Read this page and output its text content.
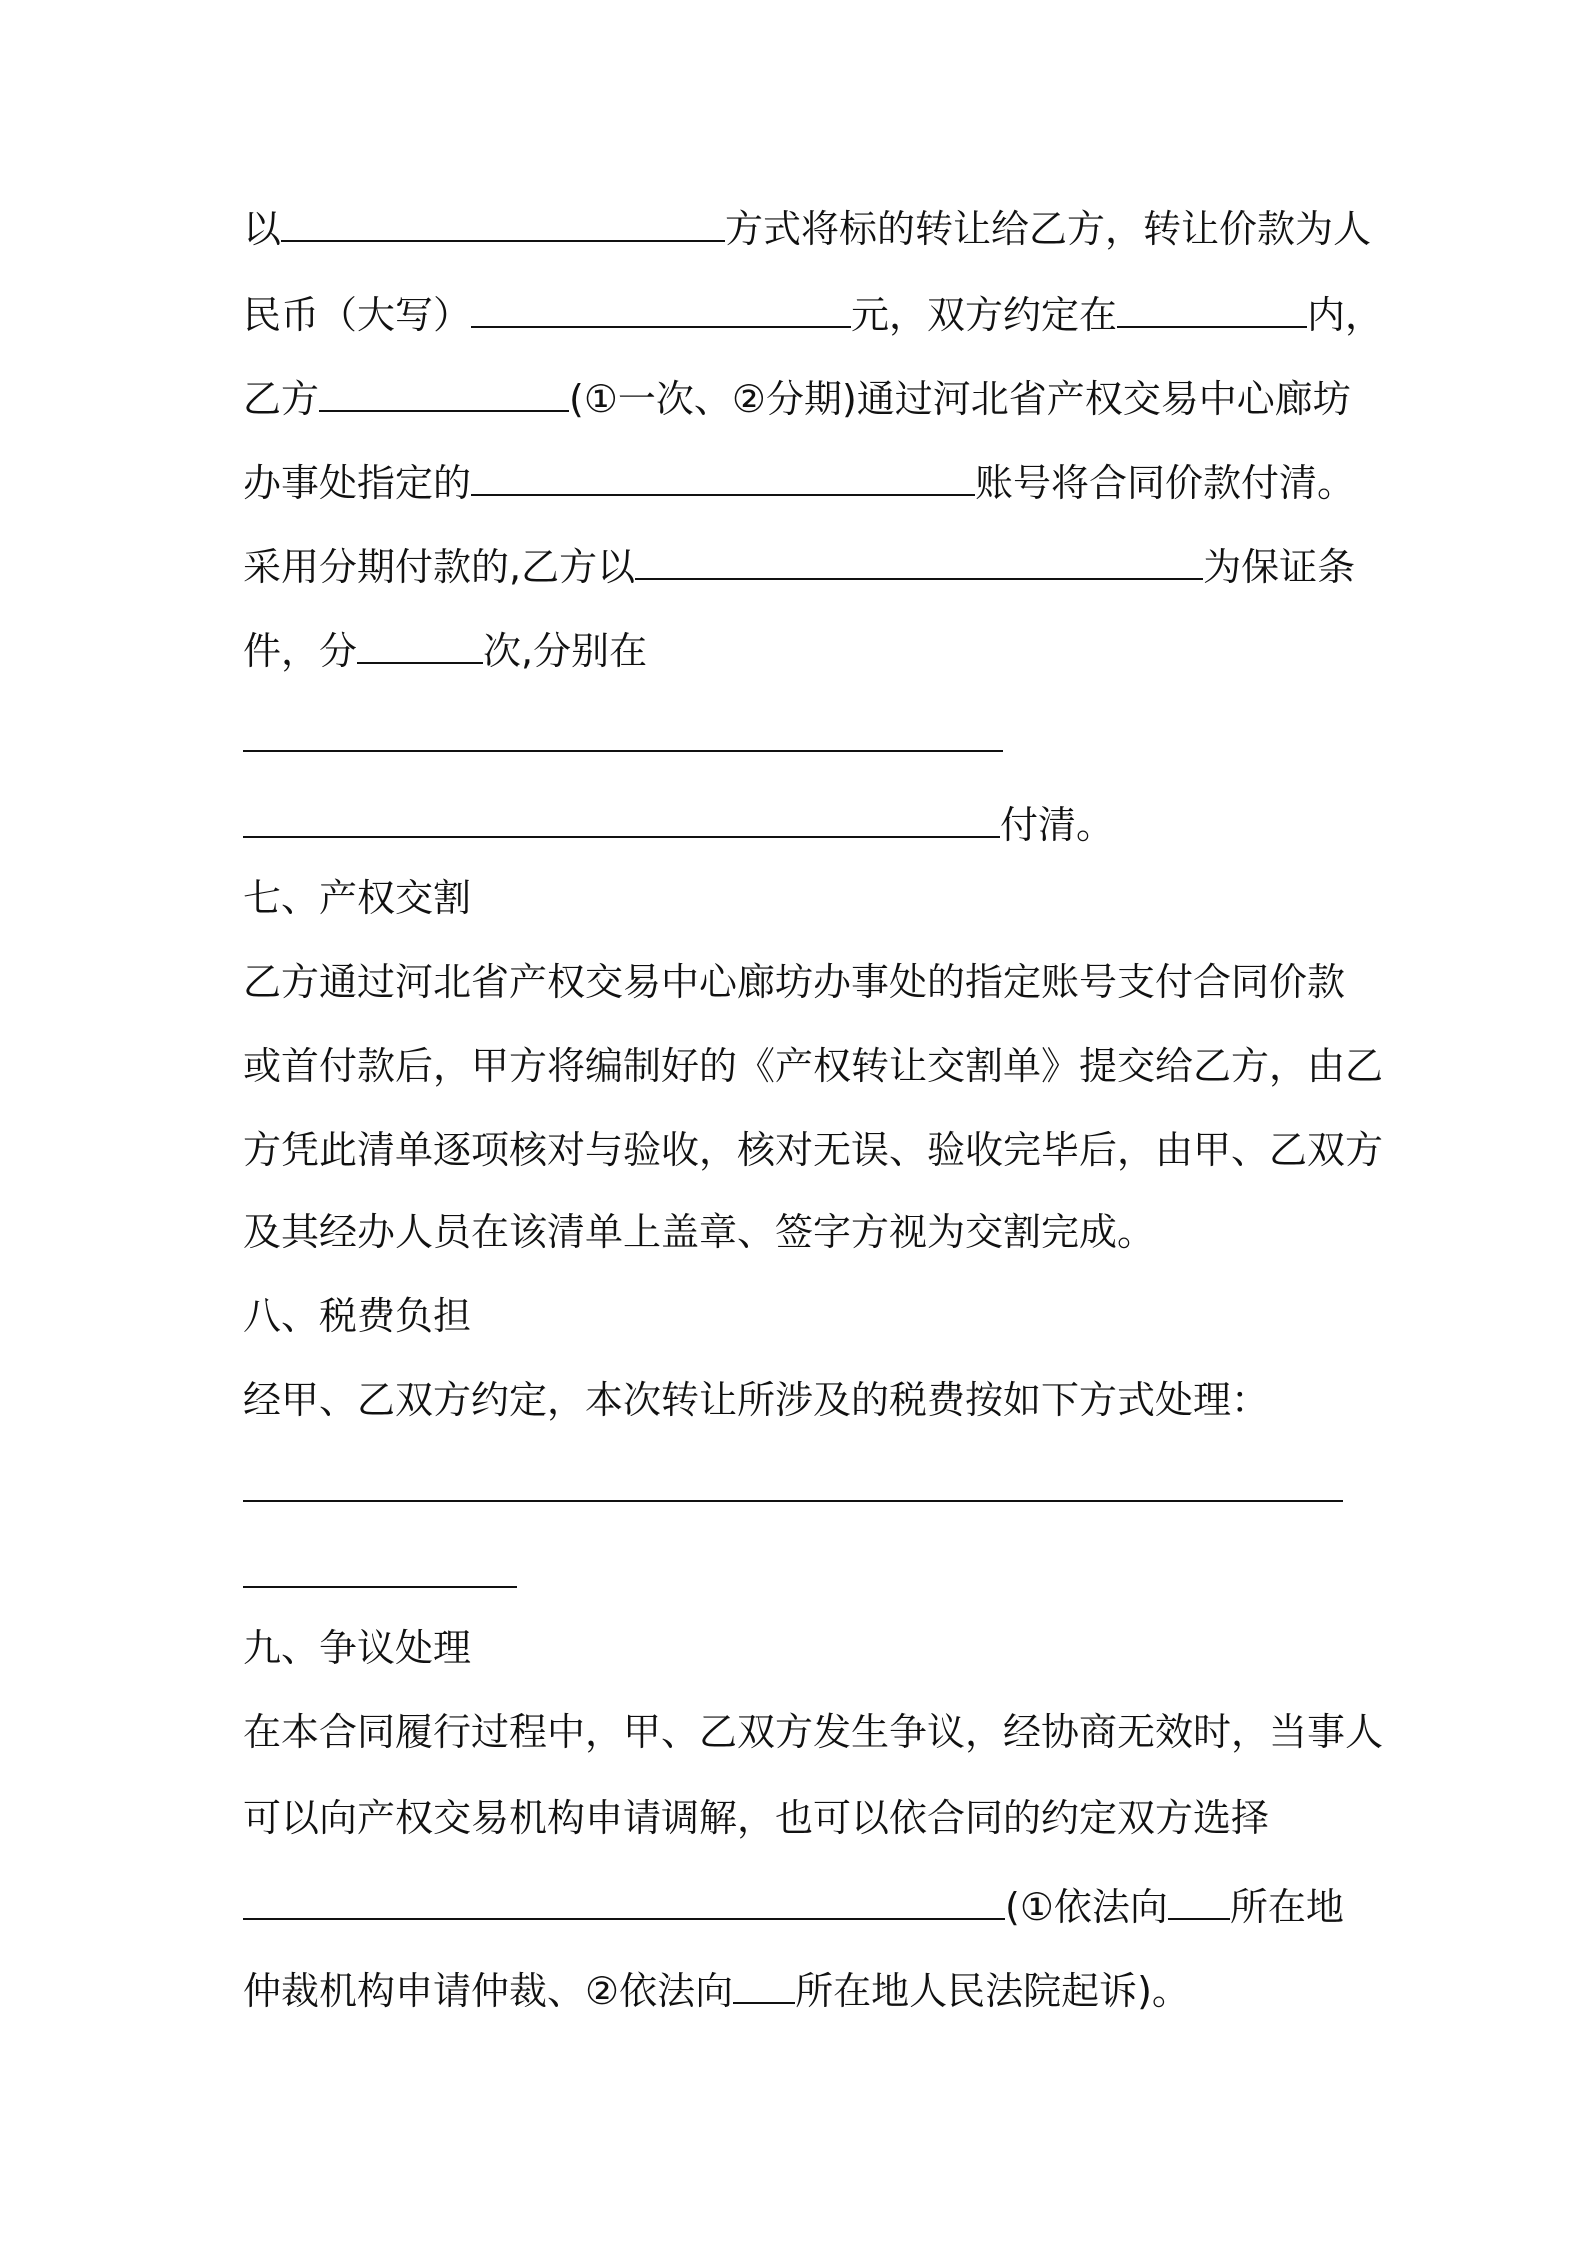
以	方式将标的转让给乙方，转让价款为人
民币（大写）	元，双方约定在	内，
乙方	(①一次、②分期)通过河北省产权交易中心廊坊
办事处指定的	账号将合同价款付清。
采用分期付款的,乙方以	为保证条
件，分	次,分别在
付清。
七、产权交割
乙方通过河北省产权交易中心廊坊办事处的指定账号支付合同价款
或首付款后，甲方将编制好的《产权转让交割单》提交给乙方，由乙
方凭此清单逐项核对与验收，核对无误、验收完毕后，由甲、乙双方
及其经办人员在该清单上盖章、签字方视为交割完成。
八、税费负担
经甲、乙双方约定，本次转让所涉及的税费按如下方式处理：
九、争议处理
在本合同履行过程中，甲、乙双方发生争议，经协商无效时，当事人
可以向产权交易机构申请调解，也可以依合同的约定双方选择
(①依法向 所在地
仲裁机构申请仲裁、②依法向 所在地人民法院起诉)。
